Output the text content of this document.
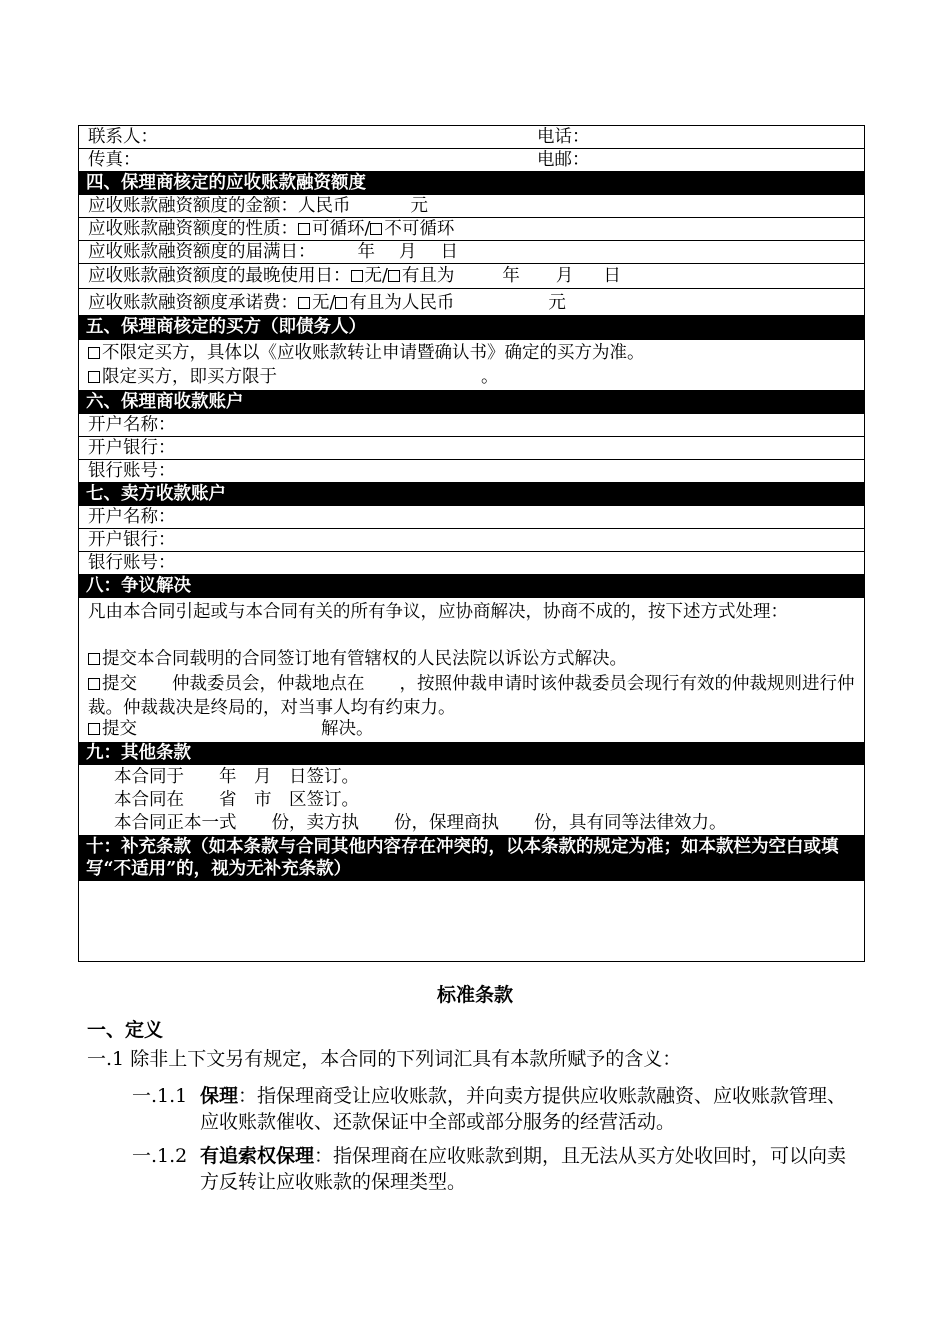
联系人：	电话：
传真：	电邮：
四、保理商核定的应收账款融资额度
应收账款融资额度的金额：人民币	元
应收账款融资额度的性质： 可循环/ 不可循环
应收账款融资额度的届满日： 年 月 日
应收账款融资额度的最晚使用日： 无/ 有且为	年 月 日
应收账款融资额度承诺费： 无/ 有且为人民币	元
五、保理商核定的买方（即债务人）
不限定买方，具体以《应收账款转让申请暨确认书》确定的买方为准。
限定买方，即买方限于	。
六、保理商收款账户
开户名称：
开户银行：
银行账号：
七、卖方收款账户
开户名称：
开户银行：
银行账号：
八：争议解决
凡由本合同引起或与本合同有关的所有争议，应协商解决，协商不成的，按下述方式处理：
提交本合同载明的合同签订地有管辖权的人民法院以诉讼方式解决。
提交　　仲裁委员会，仲裁地点在　　，按照仲裁申请时该仲裁委员会现行有效的仲裁规则进行仲裁。仲裁裁决是终局的，对当事人均有约束力。
提交	解决。
九：其他条款
本合同于　　年　月　日签订。
本合同在　　省　市　区签订。
本合同正本一式　　份，卖方执　　份，保理商执　　份，具有同等法律效力。
十：补充条款（如本条款与合同其他内容存在冲突的，以本条款的规定为准；如本款栏为空白或填写“不适用”的，视为无补充条款）
标准条款
一、定义
一.1 除非上下文另有规定，本合同的下列词汇具有本款所赋予的含义：
一.1.1 保理：指保理商受让应收账款，并向卖方提供应收账款融资、应收账款管理、应收账款催收、还款保证中全部或部分服务的经营活动。
一.1.2 有追索权保理：指保理商在应收账款到期，且无法从买方处收回时，可以向卖方反转让应收账款的保理类型。
